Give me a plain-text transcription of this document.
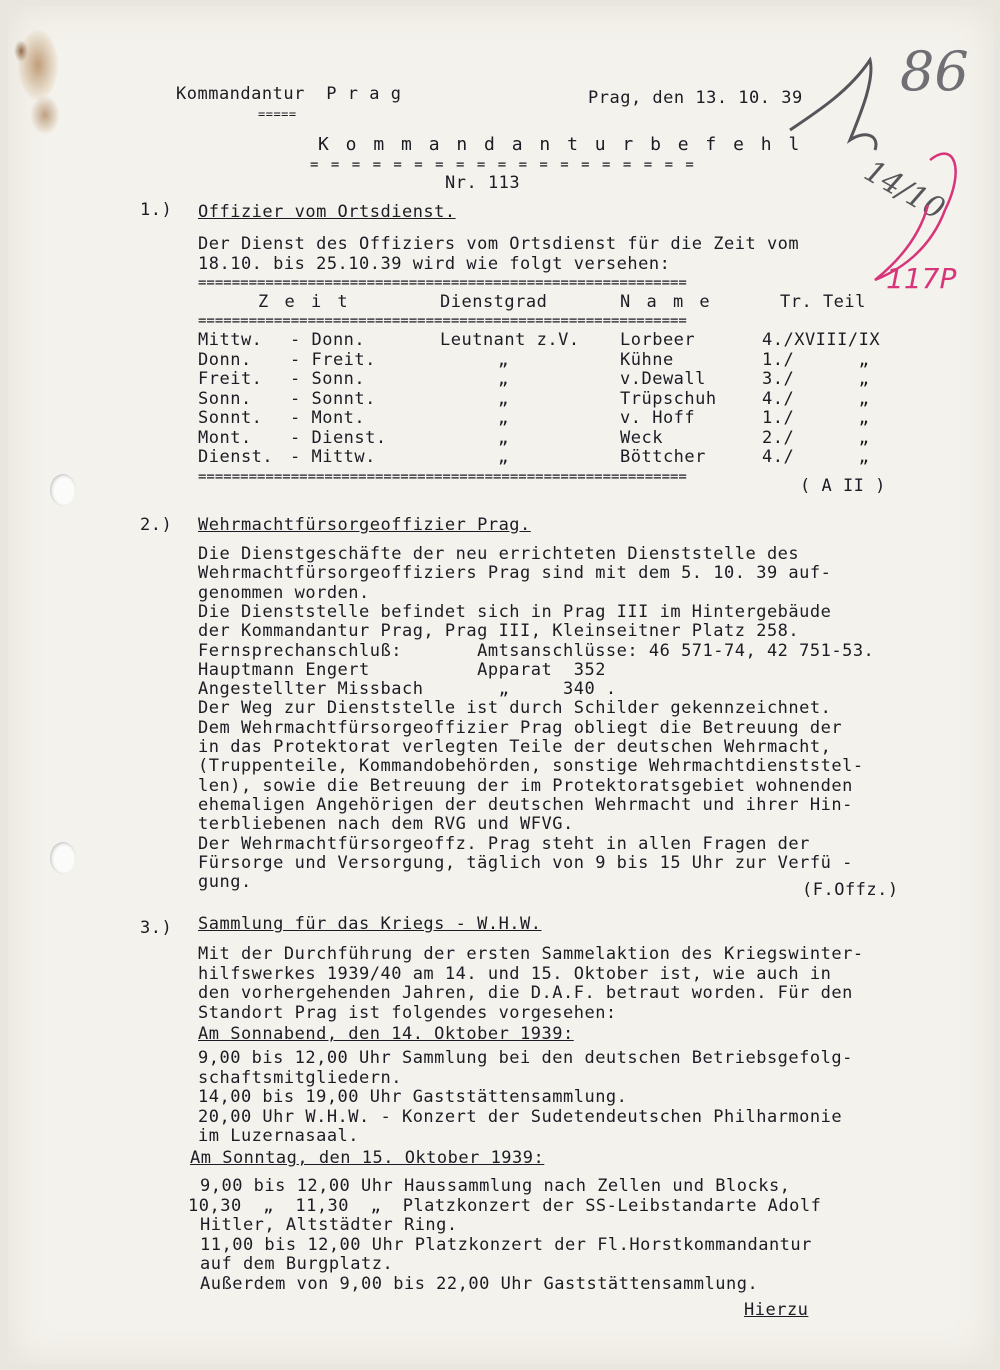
86
14/10
117P
Kommandantur  P r a g
=====
Prag, den 13. 10. 39
K o m m a n d a n t u r b e f e h l
= = = = = = = = = = = = = = = = = = =
Nr. 113
1.) Offizier vom Ortsdienst.
Der Dienst des Offiziers vom Ortsdienst für die Zeit vom
18.10. bis 25.10.39 wird wie folgt versehen:
==========================================================
Z e i t	Dienstgrad	N a m e	Tr. Teil
==========================================================
Mittw. - Donn.	Leutnant z.V. Lorbeer	4./XVIII/IX
Donn. - Freit.	„	Kühne	1./      „
Freit. - Sonn.	„	v.Dewall	3./      „
Sonn. - Sonnt.	„	Trüpschuh	4./      „
Sonnt. - Mont.	„	v. Hoff	1./      „
Mont. - Dienst.	„	Weck	2./      „
Dienst. - Mittw.	„	Böttcher	4./      „
==========================================================	( A II )
2.) Wehrmachtfürsorgeoffizier Prag.
Die Dienstgeschäfte der neu errichteten Dienststelle des
Wehrmachtfürsorgeoffiziers Prag sind mit dem 5. 10. 39 auf-
genommen worden.
Die Dienststelle befindet sich in Prag III im Hintergebäude
der Kommandantur Prag, Prag III, Kleinseitner Platz 258.
Fernsprechanschluß:       Amtsanschlüsse: 46 571-74, 42 751-53.
Hauptmann Engert          Apparat  352
Angestellter Missbach       „     340 .
Der Weg zur Dienststelle ist durch Schilder gekennzeichnet.
Dem Wehrmachtfürsorgeoffizier Prag obliegt die Betreuung der
in das Protektorat verlegten Teile der deutschen Wehrmacht,
(Truppenteile, Kommandobehörden, sonstige Wehrmachtdienststel-
len), sowie die Betreuung der im Protektoratsgebiet wohnenden
ehemaligen Angehörigen der deutschen Wehrmacht und ihrer Hin-
terbliebenen nach dem RVG und WFVG.
Der Wehrmachtfürsorgeoffz. Prag steht in allen Fragen der
Fürsorge und Versorgung, täglich von 9 bis 15 Uhr zur Verfü -
gung.	(F.Offz.)
3.) Sammlung für das Kriegs - W.H.W.
Mit der Durchführung der ersten Sammelaktion des Kriegswinter-
hilfswerkes 1939/40 am 14. und 15. Oktober ist, wie auch in
den vorhergehenden Jahren, die D.A.F. betraut worden. Für den
Standort Prag ist folgendes vorgesehen:
Am Sonnabend, den 14. Oktober 1939:
9,00 bis 12,00 Uhr Sammlung bei den deutschen Betriebsgefolg-
schaftsmitgliedern.
14,00 bis 19,00 Uhr Gaststättensammlung.
20,00 Uhr W.H.W. - Konzert der Sudetendeutschen Philharmonie
im Luzernasaal.
Am Sonntag, den 15. Oktober 1939:
9,00 bis 12,00 Uhr Haussammlung nach Zellen und Blocks,
10,30  „  11,30  „  Platzkonzert der SS-Leibstandarte Adolf
Hitler, Altstädter Ring.
11,00 bis 12,00 Uhr Platzkonzert der Fl.Horstkommandantur
auf dem Burgplatz.
Außerdem von 9,00 bis 22,00 Uhr Gaststättensammlung.
Hierzu
